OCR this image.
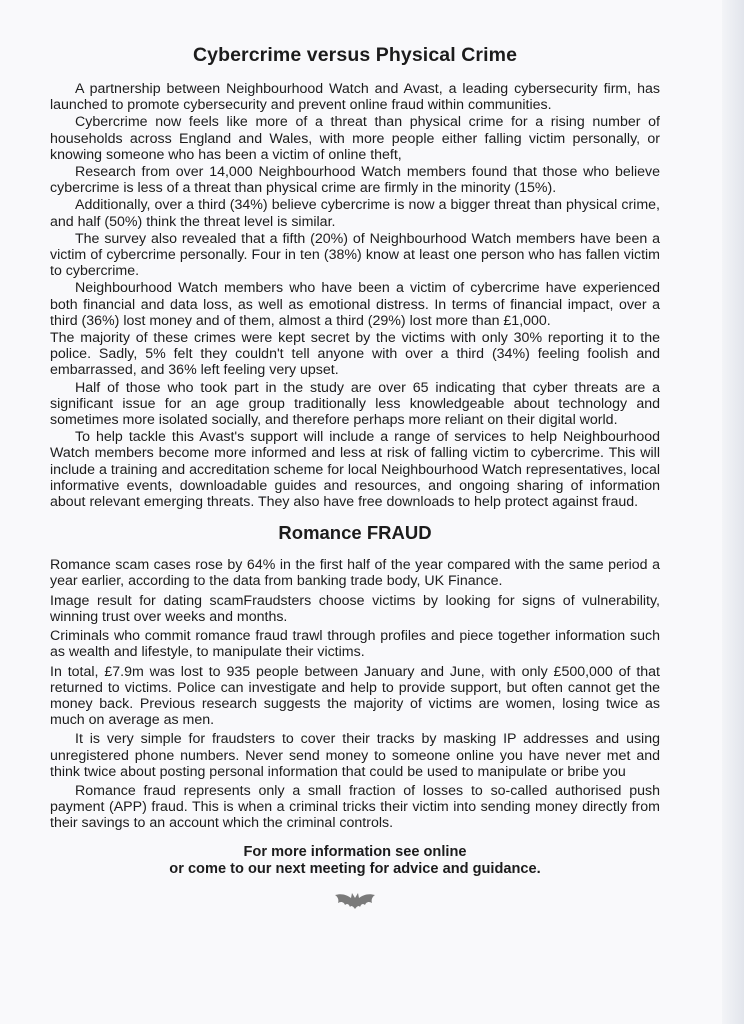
Cybercrime versus Physical Crime

A partnership between Neighbourhood Watch and Avast, a leading cybersecurity firm, has launched to promote cybersecurity and prevent online fraud within communities.

Cybercrime now feels like more of a threat than physical crime for a rising number of households across England and Wales, with more people either falling victim personally, or knowing someone who has been a victim of online theft,

Research from over 14,000 Neighbourhood Watch members found that those who believe cybercrime is less of a threat than physical crime are firmly in the minority (15%).

Additionally, over a third (34%) believe cybercrime is now a bigger threat than physical crime, and half (50%) think the threat level is similar.

The survey also revealed that a fifth (20%) of Neighbourhood Watch members have been a victim of cybercrime personally. Four in ten (38%) know at least one person who has fallen victim to cybercrime.

Neighbourhood Watch members who have been a victim of cybercrime have experienced both financial and data loss, as well as emotional distress. In terms of financial impact, over a third (36%) lost money and of them, almost a third (29%) lost more than £1,000.

The majority of these crimes were kept secret by the victims with only 30% reporting it to the police. Sadly, 5% felt they couldn't tell anyone with over a third (34%) feeling foolish and embarrassed, and 36% left feeling very upset.

Half of those who took part in the study are over 65 indicating that cyber threats are a significant issue for an age group traditionally less knowledgeable about technology and sometimes more isolated socially, and therefore perhaps more reliant on their digital world.

To help tackle this Avast's support will include a range of services to help Neighbourhood Watch members become more informed and less at risk of falling victim to cybercrime. This will include a training and accreditation scheme for local Neighbourhood Watch representatives, local informative events, downloadable guides and resources, and ongoing sharing of information about relevant emerging threats. They also have free downloads to help protect against fraud.

Romance FRAUD

Romance scam cases rose by 64% in the first half of the year compared with the same period a year earlier, according to the data from banking trade body, UK Finance.

Image result for dating scamFraudsters choose victims by looking for signs of vulnerability, winning trust over weeks and months.

Criminals who commit romance fraud trawl through profiles and piece together information such as wealth and lifestyle, to manipulate their victims.

In total, £7.9m was lost to 935 people between January and June, with only £500,000 of that returned to victims. Police can investigate and help to provide support, but often cannot get the money back. Previous research suggests the majority of victims are women, losing twice as much on average as men.

It is very simple for fraudsters to cover their tracks by masking IP addresses and using unregistered phone numbers. Never send money to someone online you have never met and think twice about posting personal information that could be used to manipulate or bribe you

Romance fraud represents only a small fraction of losses to so-called authorised push payment (APP) fraud. This is when a criminal tricks their victim into sending money directly from their savings to an account which the criminal controls.

For more information see online
or come to our next meeting for advice and guidance.
